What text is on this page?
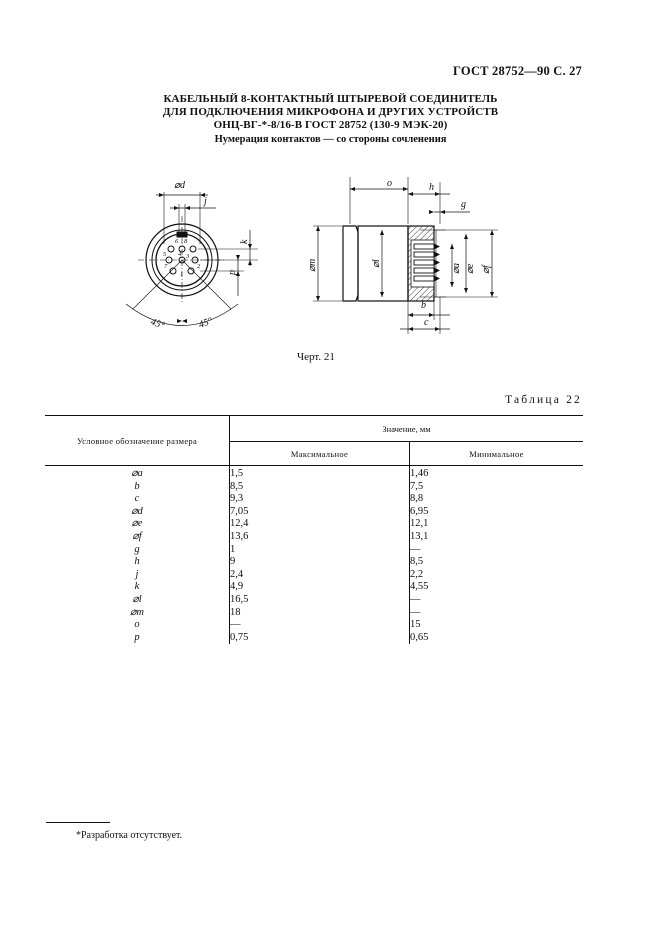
ГОСТ 28752—90 С. 27
КАБЕЛЬНЫЙ 8-КОНТАКТНЫЙ ШТЫРЕВОЙ СОЕДИНИТЕЛЬ
ДЛЯ ПОДКЛЮЧЕНИЯ МИКРОФОНА И ДРУГИХ УСТРОЙСТВ
ОНЦ-ВГ-*-8/16-В ГОСТ 28752 (130-9 МЭК-20)
Нумерация контактов — со стороны сочленения
6 8
5	3
7
1
2
4
⌀d
j
k
p
45°	45°
o	h
g
⌀m	⌀l	⌀a ⌀e ⌀f
b
c
Черт. 21
Таблица 22
Условное обозначение размера	Значение, мм	
	Максимальное	Минимальное
⌀a	1,5	1,46
b	8,5	7,5
c	9,3	8,8
⌀d	7,05	6,95
⌀e	12,4	12,1
⌀f	13,6	13,1
g	1	—
h	9	8,5
j	2,4	2,2
k	4,9	4,55
⌀l	16,5	—
⌀m	18	—
o	—	15
p	0,75	0,65
*Разработка отсутствует.
